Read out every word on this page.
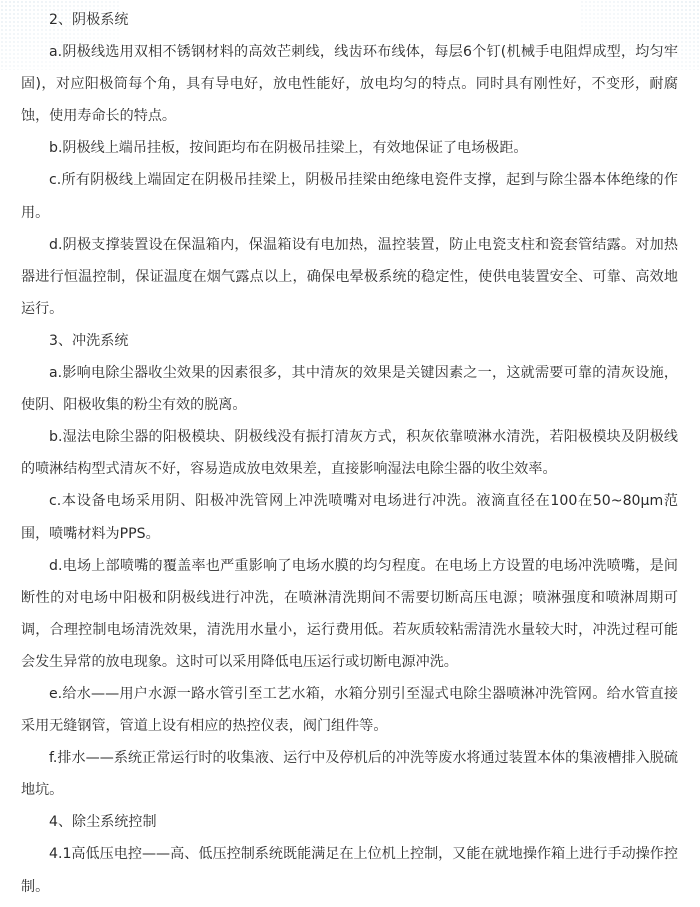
2、阴极系统

a.阴极线选用双相不锈钢材料的高效芒刺线，线齿环布线体，每层6个钉(机械手电阻焊成型，均匀牢固)，对应阳极筒每个角，具有导电好，放电性能好，放电均匀的特点。同时具有刚性好，不变形，耐腐蚀，使用寿命长的特点。

b.阴极线上端吊挂板，按间距均布在阴极吊挂梁上，有效地保证了电场极距。

c.所有阴极线上端固定在阴极吊挂梁上，阴极吊挂梁由绝缘电瓷件支撑，起到与除尘器本体绝缘的作用。

d.阴极支撑装置设在保温箱内，保温箱设有电加热，温控装置，防止电瓷支柱和瓷套管结露。对加热器进行恒温控制，保证温度在烟气露点以上，确保电晕极系统的稳定性，使供电装置安全、可靠、高效地运行。

3、冲洗系统

a.影响电除尘器收尘效果的因素很多，其中清灰的效果是关键因素之一，这就需要可靠的清灰设施，使阴、阳极收集的粉尘有效的脱离。

b.湿法电除尘器的阳极模块、阴极线没有振打清灰方式，积灰依靠喷淋水清洗，若阳极模块及阴极线的喷淋结构型式清灰不好，容易造成放电效果差，直接影响湿法电除尘器的收尘效率。

c.本设备电场采用阴、阳极冲洗管网上冲洗喷嘴对电场进行冲洗。液滴直径在100在50~80μm范围，喷嘴材料为PPS。

d.电场上部喷嘴的覆盖率也严重影响了电场水膜的均匀程度。在电场上方设置的电场冲洗喷嘴，是间断性的对电场中阳极和阴极线进行冲洗，在喷淋清洗期间不需要切断高压电源；喷淋强度和喷淋周期可调，合理控制电场清洗效果，清洗用水量小，运行费用低。若灰质较粘需清洗水量较大时，冲洗过程可能会发生异常的放电现象。这时可以采用降低电压运行或切断电源冲洗。

e.给水——用户水源一路水管引至工艺水箱，水箱分别引至湿式电除尘器喷淋冲洗管网。给水管直接采用无缝钢管，管道上设有相应的热控仪表，阀门组件等。

f.排水——系统正常运行时的收集液、运行中及停机后的冲洗等废水将通过装置本体的集液槽排入脱硫地坑。

4、除尘系统控制

4.1高低压电控——高、低压控制系统既能满足在上位机上控制，又能在就地操作箱上进行手动操作控制。
